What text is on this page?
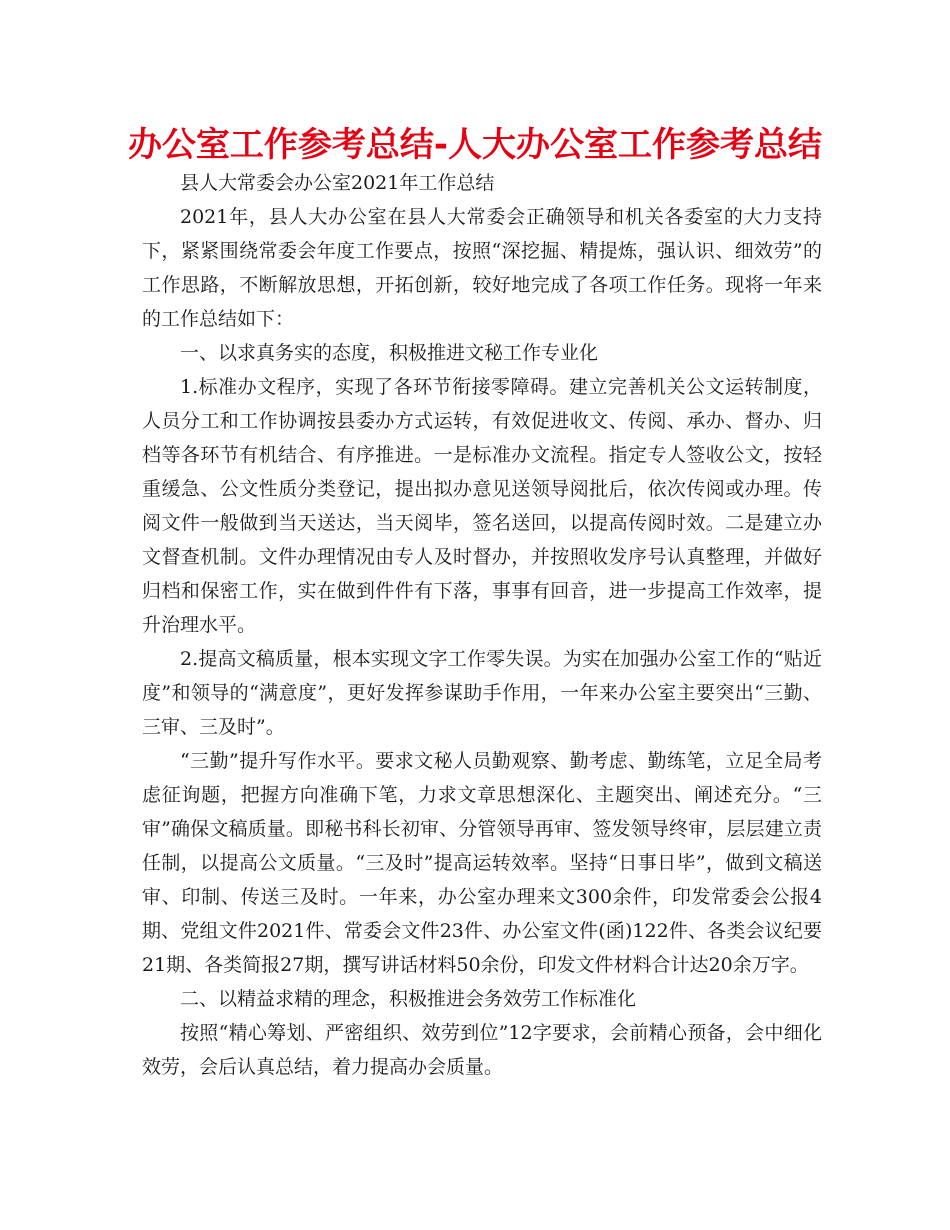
办公室工作参考总结-人大办公室工作参考总结

县人大常委会办公室2021年工作总结

2021年，县人大办公室在县人大常委会正确领导和机关各委室的大力支持下，紧紧围绕常委会年度工作要点，按照“深挖掘、精提炼，强认识、细效劳”的工作思路，不断解放思想，开拓创新，较好地完成了各项工作任务。现将一年来的工作总结如下：

一、以求真务实的态度，积极推进文秘工作专业化

1.标准办文程序，实现了各环节衔接零障碍。建立完善机关公文运转制度，人员分工和工作协调按县委办方式运转，有效促进收文、传阅、承办、督办、归档等各环节有机结合、有序推进。一是标准办文流程。指定专人签收公文，按轻重缓急、公文性质分类登记，提出拟办意见送领导阅批后，依次传阅或办理。传阅文件一般做到当天送达，当天阅毕，签名送回，以提高传阅时效。二是建立办文督查机制。文件办理情况由专人及时督办，并按照收发序号认真整理，并做好归档和保密工作，实在做到件件有下落，事事有回音，进一步提高工作效率，提升治理水平。

2.提高文稿质量，根本实现文字工作零失误。为实在加强办公室工作的“贴近度”和领导的“满意度”，更好发挥参谋助手作用，一年来办公室主要突出“三勤、三审、三及时”。

“三勤”提升写作水平。要求文秘人员勤观察、勤考虑、勤练笔，立足全局考虑征询题，把握方向准确下笔，力求文章思想深化、主题突出、阐述充分。“三审”确保文稿质量。即秘书科长初审、分管领导再审、签发领导终审，层层建立责任制，以提高公文质量。“三及时”提高运转效率。坚持“日事日毕”，做到文稿送审、印制、传送三及时。一年来，办公室办理来文300余件，印发常委会公报4期、党组文件2021件、常委会文件23件、办公室文件(函)122件、各类会议纪要21期、各类简报27期，撰写讲话材料50余份，印发文件材料合计达20余万字。

二、以精益求精的理念，积极推进会务效劳工作标准化

按照“精心筹划、严密组织、效劳到位”12字要求，会前精心预备，会中细化效劳，会后认真总结，着力提高办会质量。
